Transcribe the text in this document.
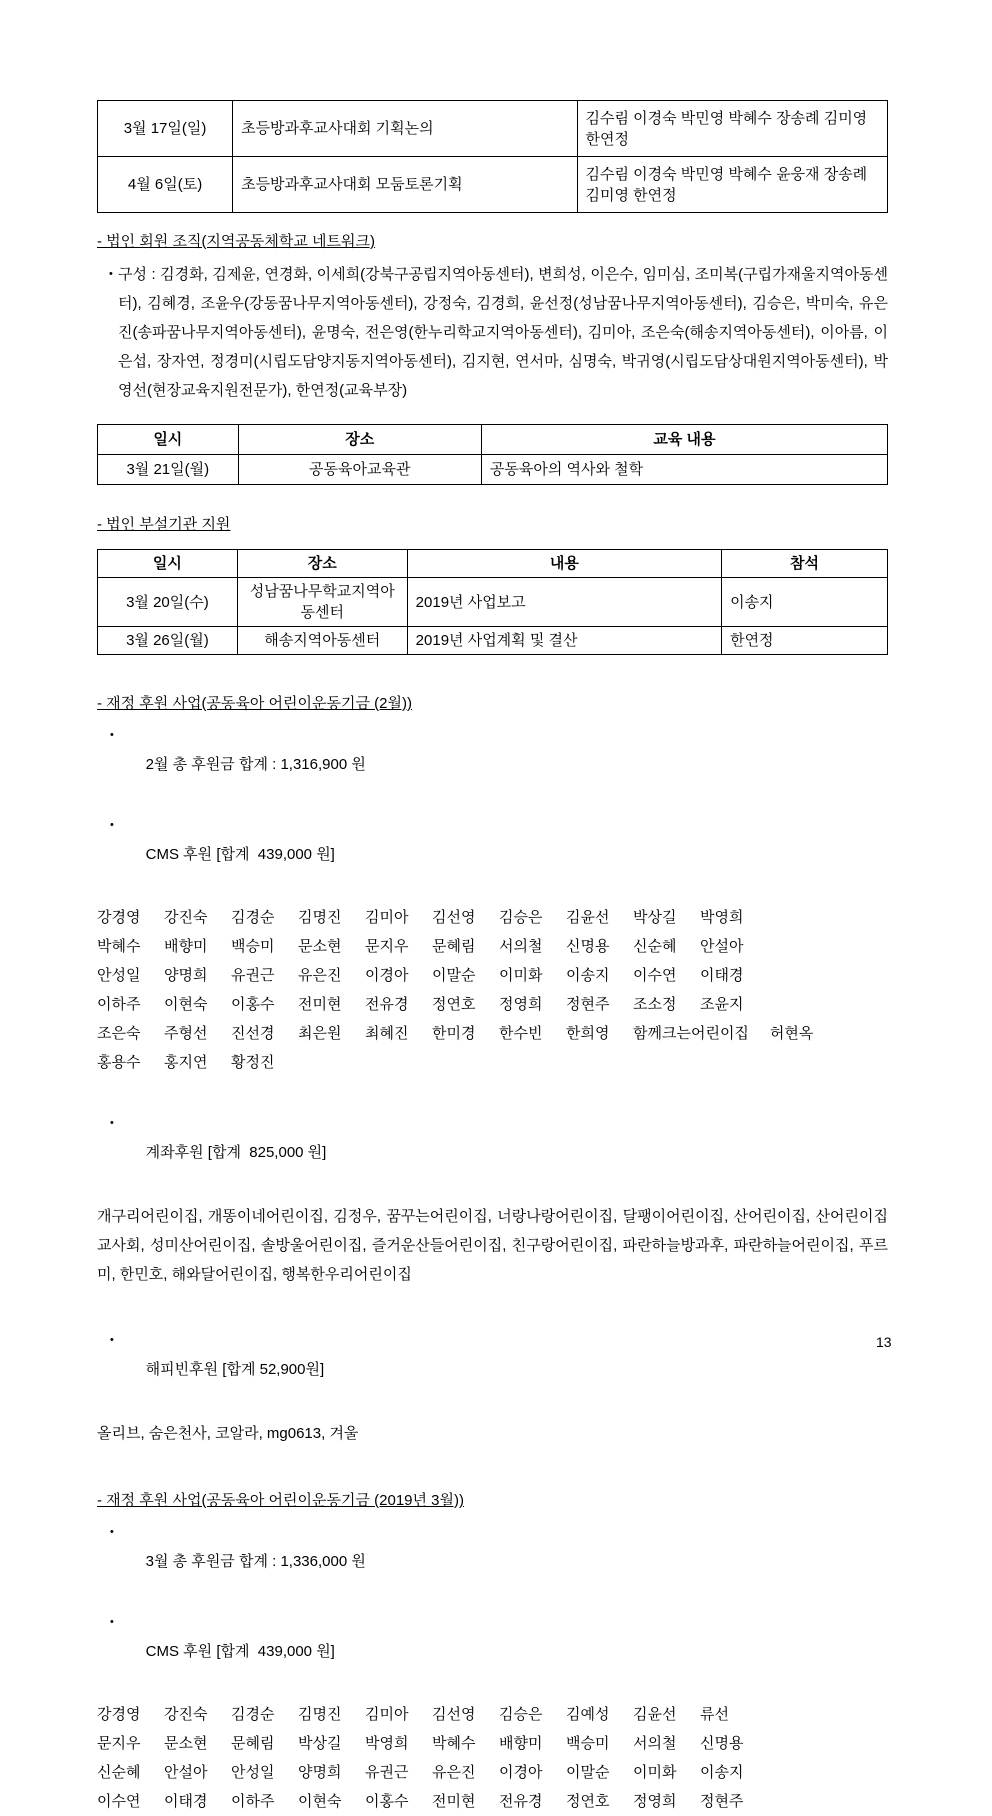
3월 17일(일)	초등방과후교사대회 기획논의	김수림 이경숙 박민영 박혜수 장송례 김미영 한연정
4월 6일(토)	초등방과후교사대회 모둠토론기획	김수림 이경숙 박민영 박혜수 윤웅재 장송례 김미영 한연정
- 법인 회원 조직(지역공동체학교 네트워크)
• 구성 : 김경화, 김제윤, 연경화, 이세희(강북구공립지역아동센터), 변희성, 이은수, 임미심, 조미복(구립가재울지역아동센터), 김혜경, 조윤우(강동꿈나무지역아동센터), 강정숙, 김경희, 윤선정(성남꿈나무지역아동센터), 김승은, 박미숙, 유은진(송파꿈나무지역아동센터), 윤명숙, 전은영(한누리학교지역아동센터), 김미아, 조은숙(해송지역아동센터), 이아름, 이은섭, 장자연, 정경미(시립도담양지동지역아동센터), 김지현, 연서마, 심명숙, 박귀영(시립도담상대원지역아동센터), 박영선(현장교육지원전문가), 한연정(교육부장)
일시	장소	교육 내용
3월 21일(월)	공동육아교육관	공동육아의 역사와 철학
- 법인 부설기관 지원
일시	장소	내용	참석
3월 20일(수)	성남꿈나무학교지역아동센터	2019년 사업보고	이송지
3월 26일(월)	해송지역아동센터	2019년 사업계획 및 결산	한연정
- 재정 후원 사업(공동육아 어린이운동기금 (2월))

•
2월 총 후원금 합계 : 1,316,900 원

•
CMS 후원 [합계  439,000 원]

강경영 강진숙 김경순 김명진 김미아 김선영 김승은 김윤선 박상길 박영희
박혜수 배향미 백승미 문소현 문지우 문혜림 서의철 신명용 신순혜 안설아
안성일 양명희 유권근 유은진 이경아 이말순 이미화 이송지 이수연 이태경
이하주 이현숙 이홍수 전미현 전유경 정연호 정영희 정현주 조소정 조윤지
조은숙 주형선 진선경 최은원 최혜진 한미경 한수빈 한희영 함께크는어린이집 허현옥
홍용수 홍지연 황정진

•
계좌후원 [합계  825,000 원]

개구리어린이집, 개똥이네어린이집, 김정우, 꿈꾸는어린이집, 너랑나랑어린이집, 달팽이어린이집, 산어린이집, 산어린이집교사회, 성미산어린이집, 솔방울어린이집, 즐거운산들어린이집, 친구랑어린이집, 파란하늘방과후, 파란하늘어린이집, 푸르미, 한민호, 해와달어린이집, 행복한우리어린이집

•
해피빈후원 [합계 52,900원]

올리브, 숨은천사, 코알라, mg0613, 겨울
- 재정 후원 사업(공동육아 어린이운동기금 (2019년 3월))

•
3월 총 후원금 합계 : 1,336,000 원

•
CMS 후원 [합계  439,000 원]

강경영 강진숙 김경순 김명진 김미아 김선영 김승은 김예성 김윤선 류선
문지우 문소현 문혜림 박상길 박영희 박혜수 배향미 백승미 서의철 신명용
신순혜 안설아 안성일 양명희 유권근 유은진 이경아 이말순 이미화 이송지
이수연 이태경 이하주 이현숙 이홍수 전미현 전유경 정연호 정영희 정현주
13
